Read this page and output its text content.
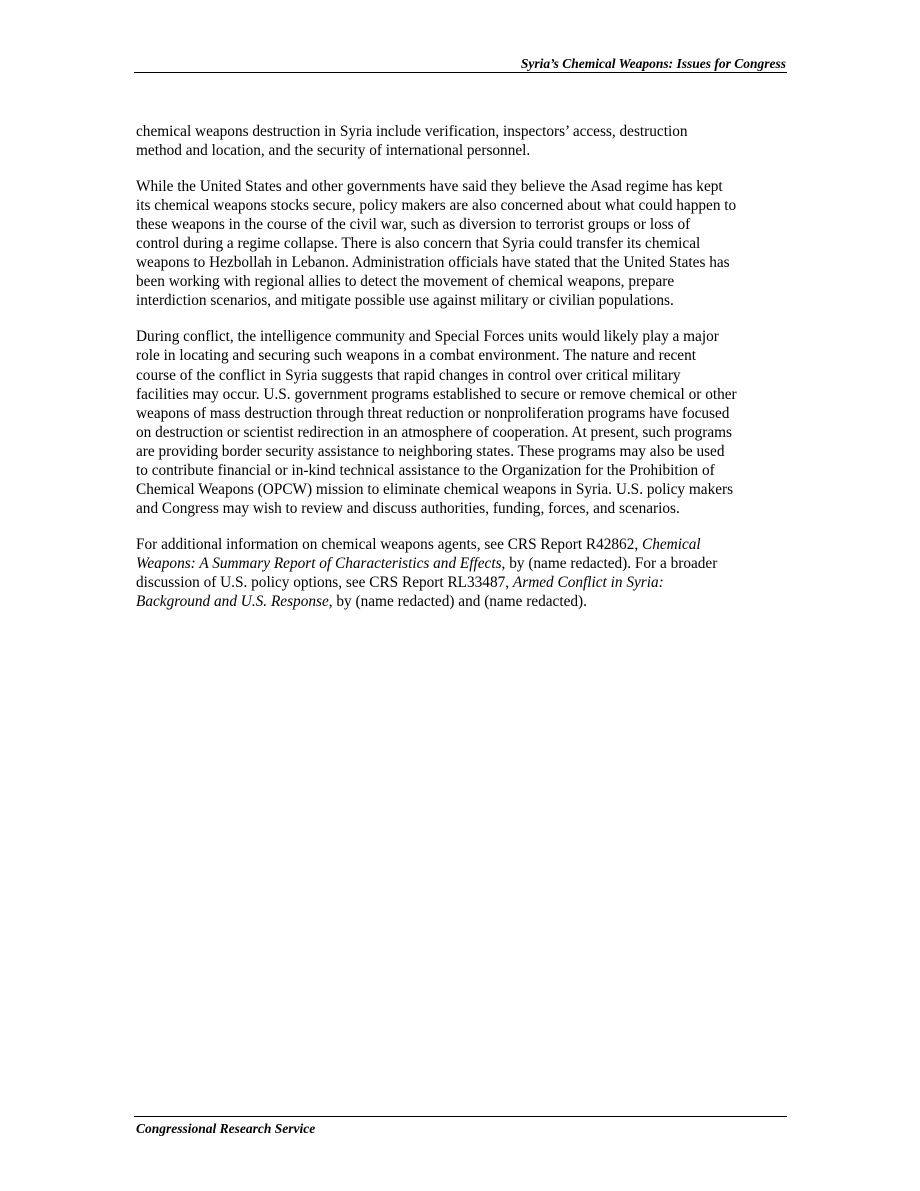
Syria’s Chemical Weapons: Issues for Congress

chemical weapons destruction in Syria include verification, inspectors’ access, destruction
method and location, and the security of international personnel.

While the United States and other governments have said they believe the Asad regime has kept
its chemical weapons stocks secure, policy makers are also concerned about what could happen to
these weapons in the course of the civil war, such as diversion to terrorist groups or loss of
control during a regime collapse. There is also concern that Syria could transfer its chemical
weapons to Hezbollah in Lebanon. Administration officials have stated that the United States has
been working with regional allies to detect the movement of chemical weapons, prepare
interdiction scenarios, and mitigate possible use against military or civilian populations.

During conflict, the intelligence community and Special Forces units would likely play a major
role in locating and securing such weapons in a combat environment. The nature and recent
course of the conflict in Syria suggests that rapid changes in control over critical military
facilities may occur. U.S. government programs established to secure or remove chemical or other
weapons of mass destruction through threat reduction or nonproliferation programs have focused
on destruction or scientist redirection in an atmosphere of cooperation. At present, such programs
are providing border security assistance to neighboring states. These programs may also be used
to contribute financial or in-kind technical assistance to the Organization for the Prohibition of
Chemical Weapons (OPCW) mission to eliminate chemical weapons in Syria. U.S. policy makers
and Congress may wish to review and discuss authorities, funding, forces, and scenarios.

For additional information on chemical weapons agents, see CRS Report R42862, Chemical
Weapons: A Summary Report of Characteristics and Effects, by (name redacted). For a broader
discussion of U.S. policy options, see CRS Report RL33487, Armed Conflict in Syria:
Background and U.S. Response, by (name redacted) and (name redacted).

Congressional Research Service
